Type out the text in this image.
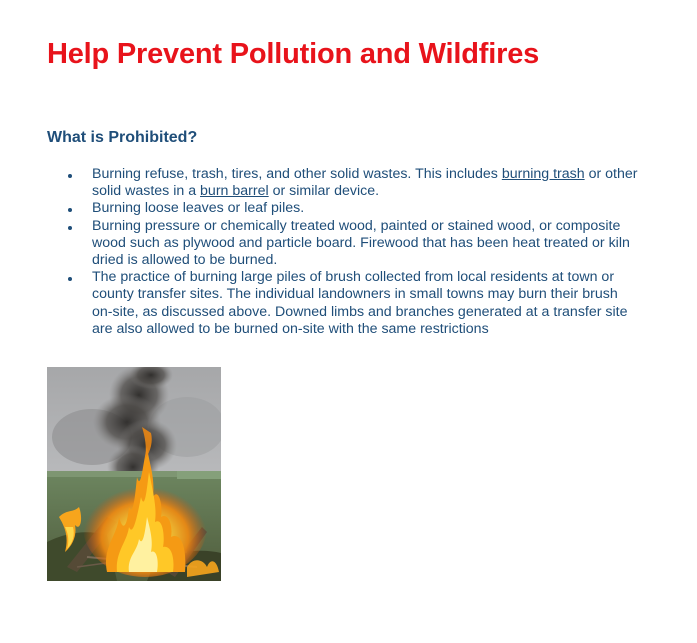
Help Prevent Pollution and Wildfires
What is Prohibited?
Burning refuse, trash, tires, and other solid wastes. This includes burning trash or other solid wastes in a burn barrel or similar device.
Burning loose leaves or leaf piles.
Burning pressure or chemically treated wood, painted or stained wood, or composite wood such as plywood and particle board. Firewood that has been heat treated or kiln dried is allowed to be burned.
The practice of burning large piles of brush collected from local residents at town or county transfer sites. The individual landowners in small towns may burn their brush on-site, as discussed above. Downed limbs and branches generated at a transfer site are also allowed to be burned on-site with the same restrictions
